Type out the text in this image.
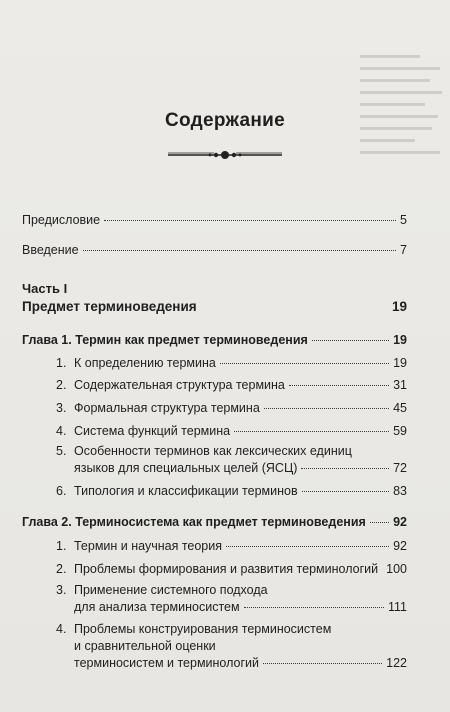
Содержание
Предисловие	5
Введение	7
Часть I
Предмет терминоведения	19
Глава 1. Термин как предмет терминоведения	19
1. К определению термина	19
2. Содержательная структура термина	31
3. Формальная структура термина	45
4. Система функций термина	59
5. Особенности терминов как лексических единиц
языков для специальных целей (ЯСЦ)	72
6. Типология и классификации терминов	83
Глава 2. Терминосистема как предмет терминоведения 92
1. Термин и научная теория	92
2. Проблемы формирования и развития терминологий 100
3. Применение системного подхода
для анализа терминосистем	111
4. Проблемы конструирования терминосистем
и сравнительной оценки
терминосистем и терминологий	122
